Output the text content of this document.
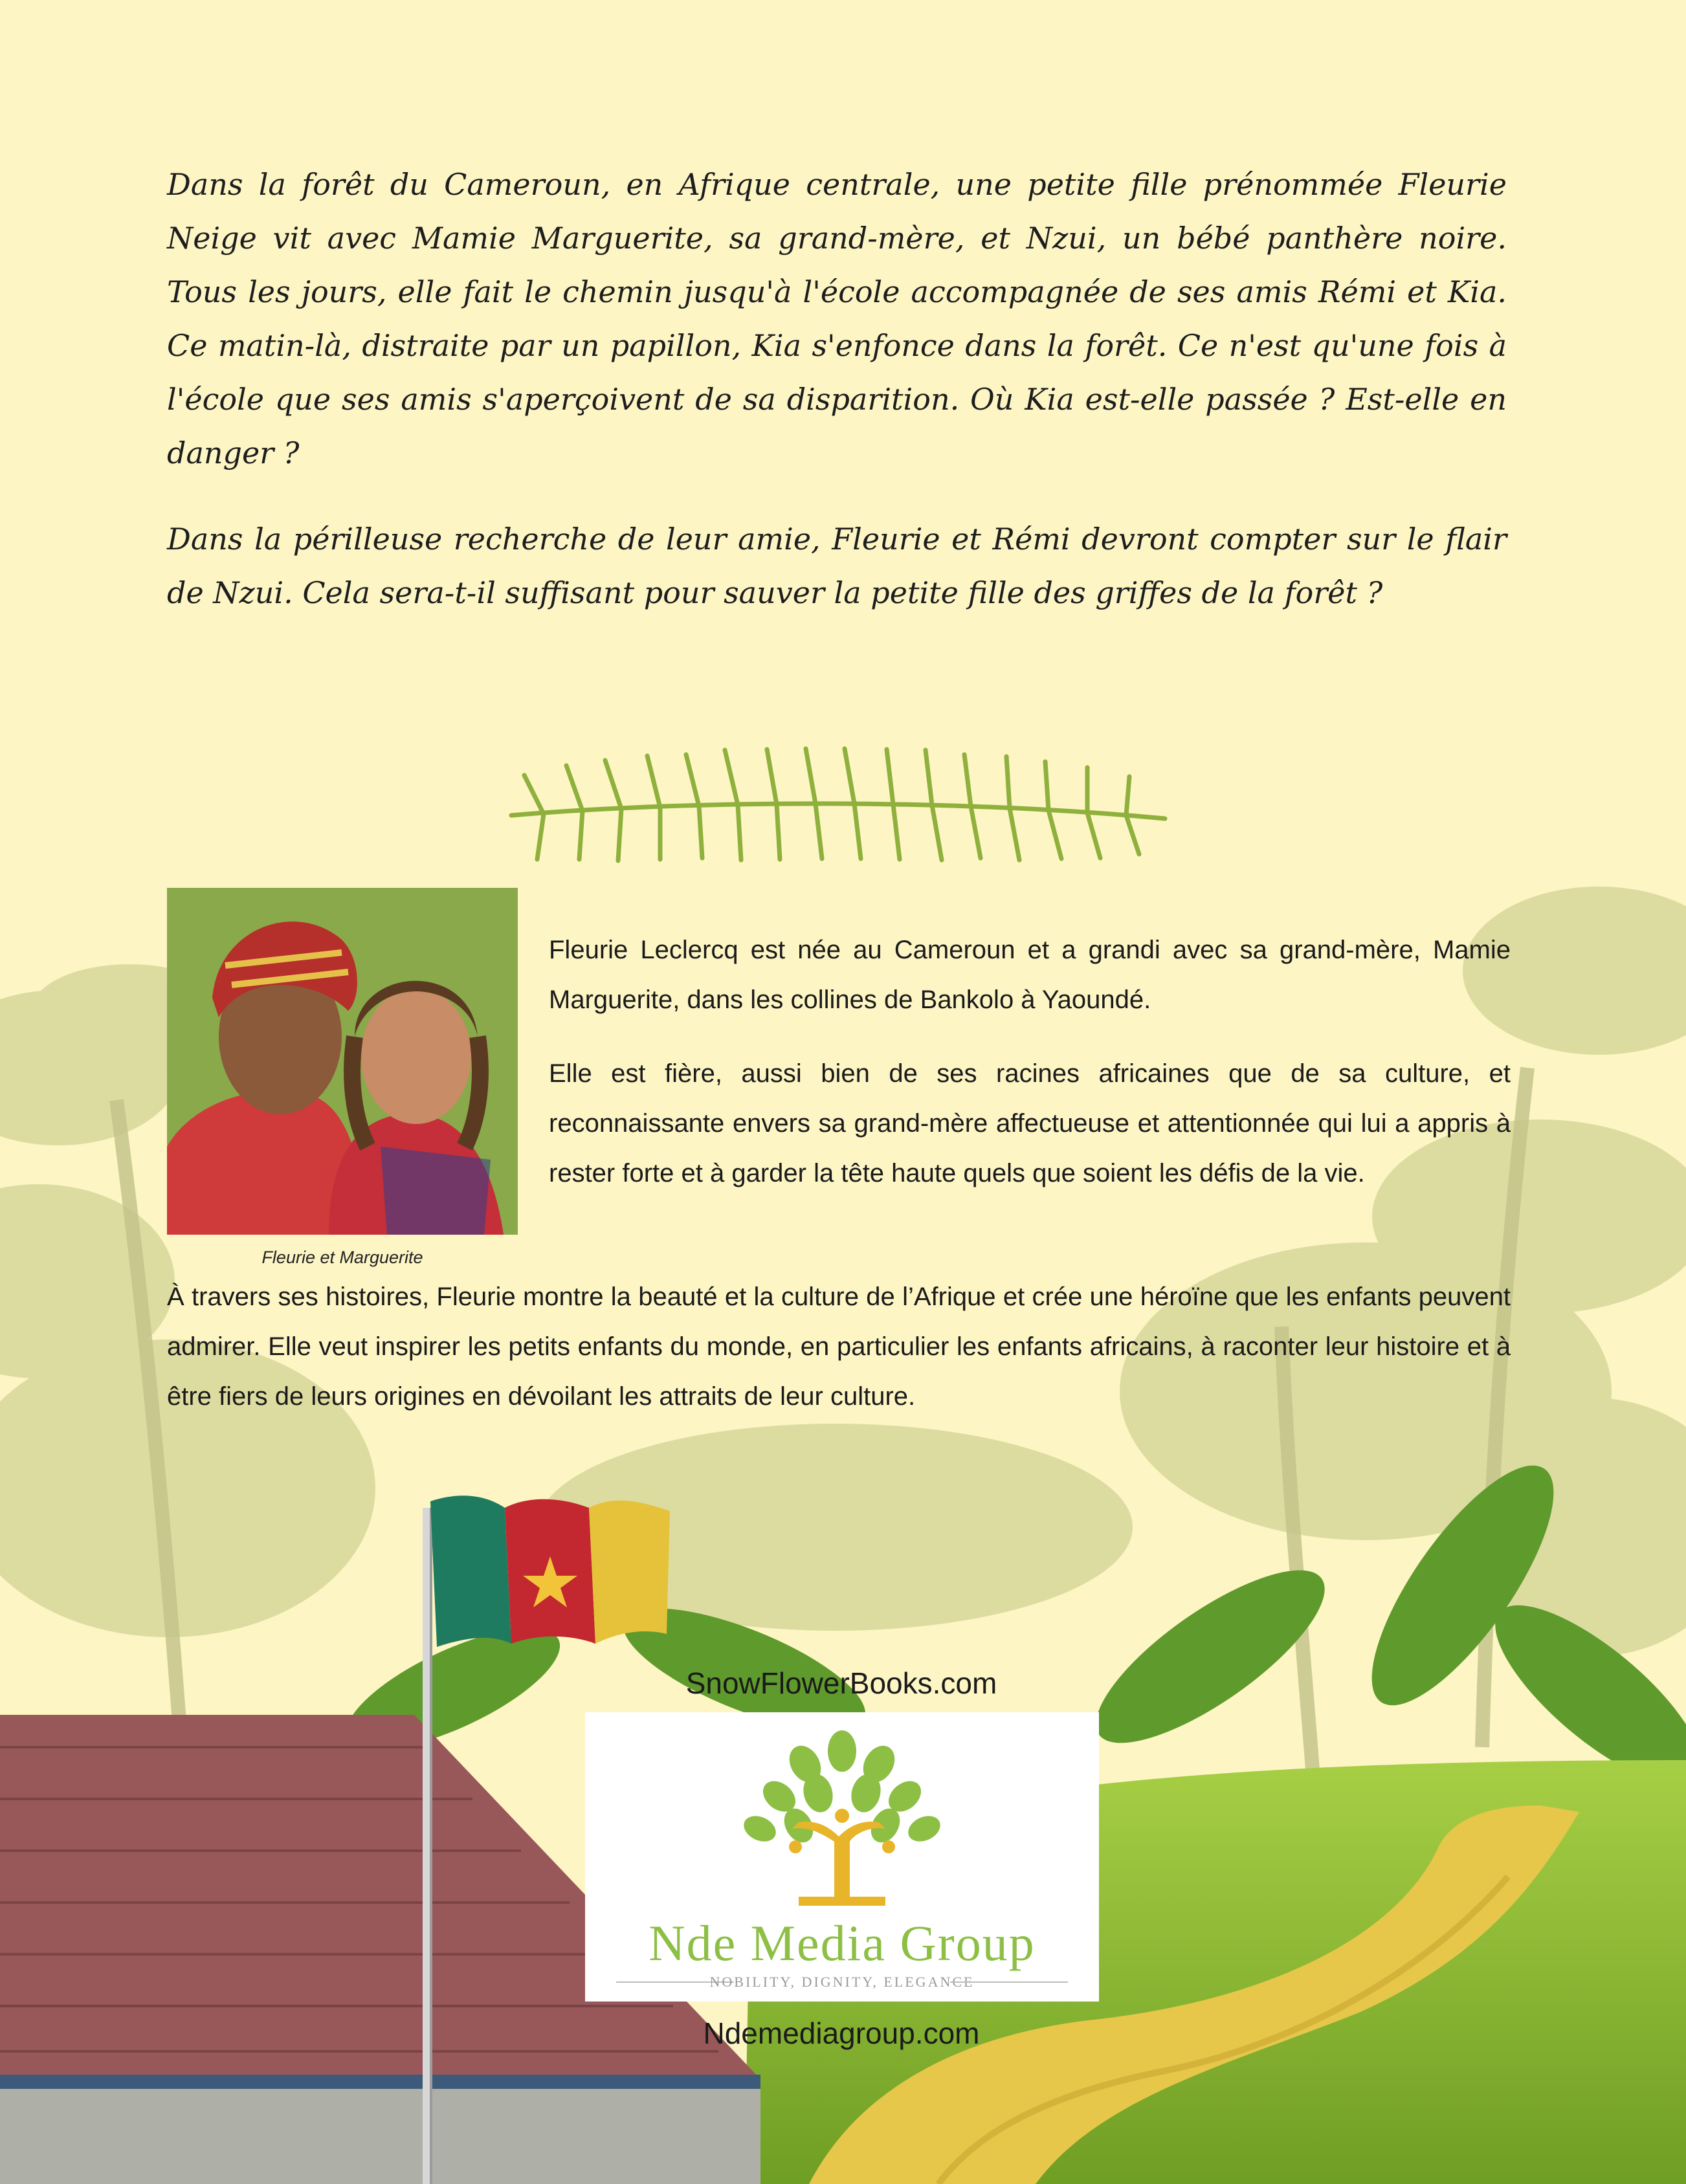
Dans la forêt du Cameroun, en Afrique centrale, une petite fille prénommée Fleurie Neige vit avec Mamie Marguerite, sa grand-mère, et Nzui, un bébé panthère noire. Tous les jours, elle fait le chemin jusqu'à l'école accompagnée de ses amis Rémi et Kia. Ce matin-là, distraite par un papillon, Kia s'enfonce dans la forêt. Ce n'est qu'une fois à l'école que ses amis s'aperçoivent de sa disparition. Où Kia est-elle passée ? Est-elle en danger ?

Dans la périlleuse recherche de leur amie, Fleurie et Rémi devront compter sur le flair de Nzui. Cela sera-t-il suffisant pour sauver la petite fille des griffes de la forêt ?

Fleurie et Marguerite

Fleurie Leclercq est née au Cameroun et a grandi avec sa grand-mère, Mamie Marguerite, dans les collines de Bankolo à Yaoundé.

Elle est fière, aussi bien de ses racines africaines que de sa culture, et reconnaissante envers sa grand-mère affectueuse et attentionnée qui lui a appris à rester forte et à garder la tête haute quels que soient les défis de la vie.

À travers ses histoires, Fleurie montre la beauté et la culture de l’Afrique et crée une héroïne que les enfants peuvent admirer. Elle veut inspirer les petits enfants du monde, en particulier les enfants africains, à raconter leur histoire et à être fiers de leurs origines en dévoilant les attraits de leur culture.

SnowFlowerBooks.com

Nde Media Group

NOBILITY, DIGNITY, ELEGANCE

Ndemediagroup.com
